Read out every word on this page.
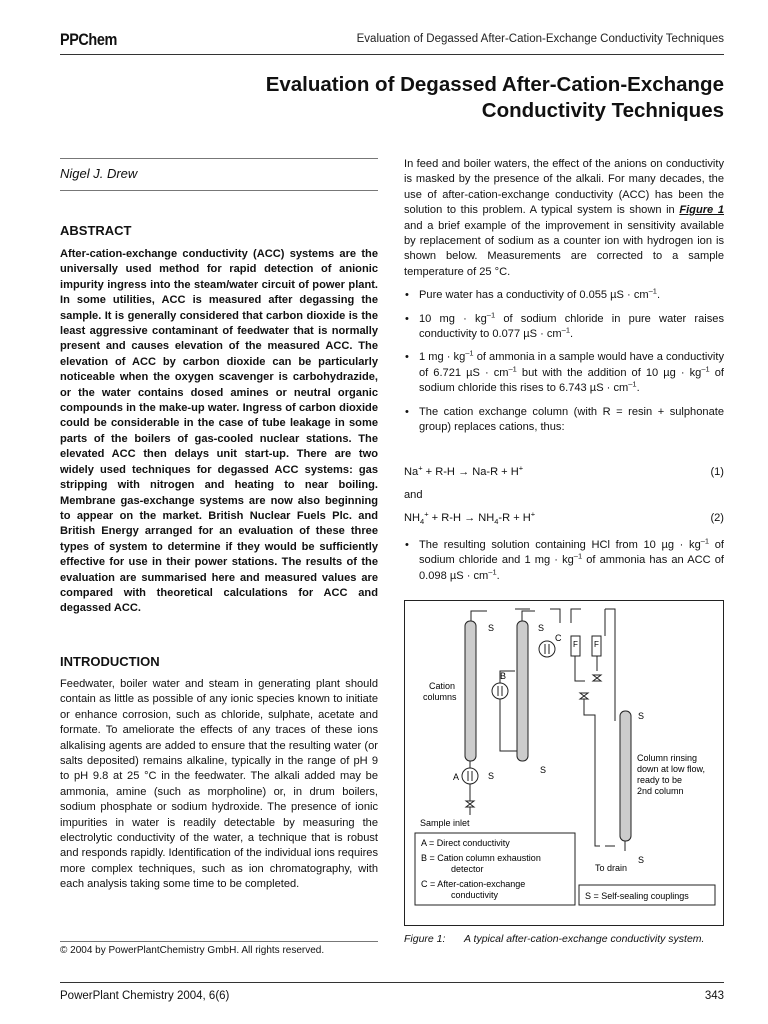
PPChem	Evaluation of Degassed After-Cation-Exchange Conductivity Techniques
Evaluation of Degassed After-Cation-Exchange
Conductivity Techniques
Nigel J. Drew
ABSTRACT

After-cation-exchange conductivity (ACC) systems are the universally used method for rapid detection of anionic impurity ingress into the steam/water circuit of power plant. In some utilities, ACC is measured after degassing the sample. It is generally considered that carbon dioxide is the least aggressive contaminant of feedwater that is normally present and causes elevation of the measured ACC. The elevation of ACC by carbon dioxide can be particularly noticeable when the oxygen scavenger is carbohydrazide, or the water contains dosed amines or neutral organic compounds in the make-up water. Ingress of carbon dioxide could be considerable in the case of tube leakage in some parts of the boilers of gas-cooled nuclear stations. The elevated ACC then delays unit start-up. There are two widely used techniques for degassed ACC systems: gas stripping with nitrogen and heating to near boiling. Membrane gas-exchange systems are now also beginning to appear on the market. British Nuclear Fuels Plc. and British Energy arranged for an evaluation of these three types of system to determine if they would be sufficiently effective for use in their power stations. The results of the evaluation are summarised here and measured values are compared with theoretical calculations for ACC and degassed ACC.

INTRODUCTION

Feedwater, boiler water and steam in generating plant should contain as little as possible of any ionic species known to initiate or enhance corrosion, such as chloride, sulphate, acetate and formate. To ameliorate the effects of any traces of these ions alkalising agents are added to ensure that the resulting water (or salts deposited) remains alkaline, typically in the range of pH 9 to pH 9.8 at 25 °C in the feedwater. The alkali added may be ammonia, amine (such as morpholine) or, in drum boilers, sodium phosphate or sodium hydroxide. The presence of ionic impurities in water is readily detectable by measuring the electrolytic conductivity of the water, a technique that is robust and responds rapidly. Identification of the individual ions requires more complex techniques, such as ion chromatography, with each analysis taking some time to be completed.

© 2004 by PowerPlantChemistry GmbH. All rights reserved.

In feed and boiler waters, the effect of the anions on conductivity is masked by the presence of the alkali. For many decades, the use of after-cation-exchange conductivity (ACC) has been the solution to this problem. A typical system is shown in Figure 1 and a brief example of the improvement in sensitivity available by replacement of sodium as a counter ion with hydrogen ion is shown below. Measurements are corrected to a sample temperature of 25 °C.

• Pure water has a conductivity of 0.055 $\mu S \cdot cm^{-1}$.
• 10 mg · $kg^{-1}$ of sodium chloride in pure water raises conductivity to 0.077 $\mu S \cdot cm^{-1}$.
• 1 mg · $kg^{-1}$ of ammonia in a sample would have a conductivity of 6.721 $\mu S \cdot cm^{-1}$ but with the addition of 10 $\mu g \cdot kg^{-1}$ of sodium chloride this rises to 6.743 $\mu S \cdot cm^{-1}$.
• The cation exchange column (with R = resin + sulphonate group) replaces cations, thus:
Na+ + R-H → Na-R + H+	(1)
and
$NH_4^+ + R-H \to NH_4-R + H^+$	(2)
• The resulting solution containing HCl from 10 $\mu g \cdot kg^{-1}$ of sodium chloride and 1 mg · $kg^{-1}$ of ammonia has an ACC of 0.098 $\mu S \cdot cm^{-1}$.
S	S
C
F F
B
Cation
columns
A	S
S
Sample inlet
S
S
Column rinsing
down at low flow,
ready to be
2nd column
To drain
A = Direct conductivity
B = Cation column exhaustion
detector
C = After-cation-exchange
conductivity	S = Self-sealing couplings
Figure 1: A typical after-cation-exchange conductivity system.
PowerPlant Chemistry 2004, 6(6)	343
